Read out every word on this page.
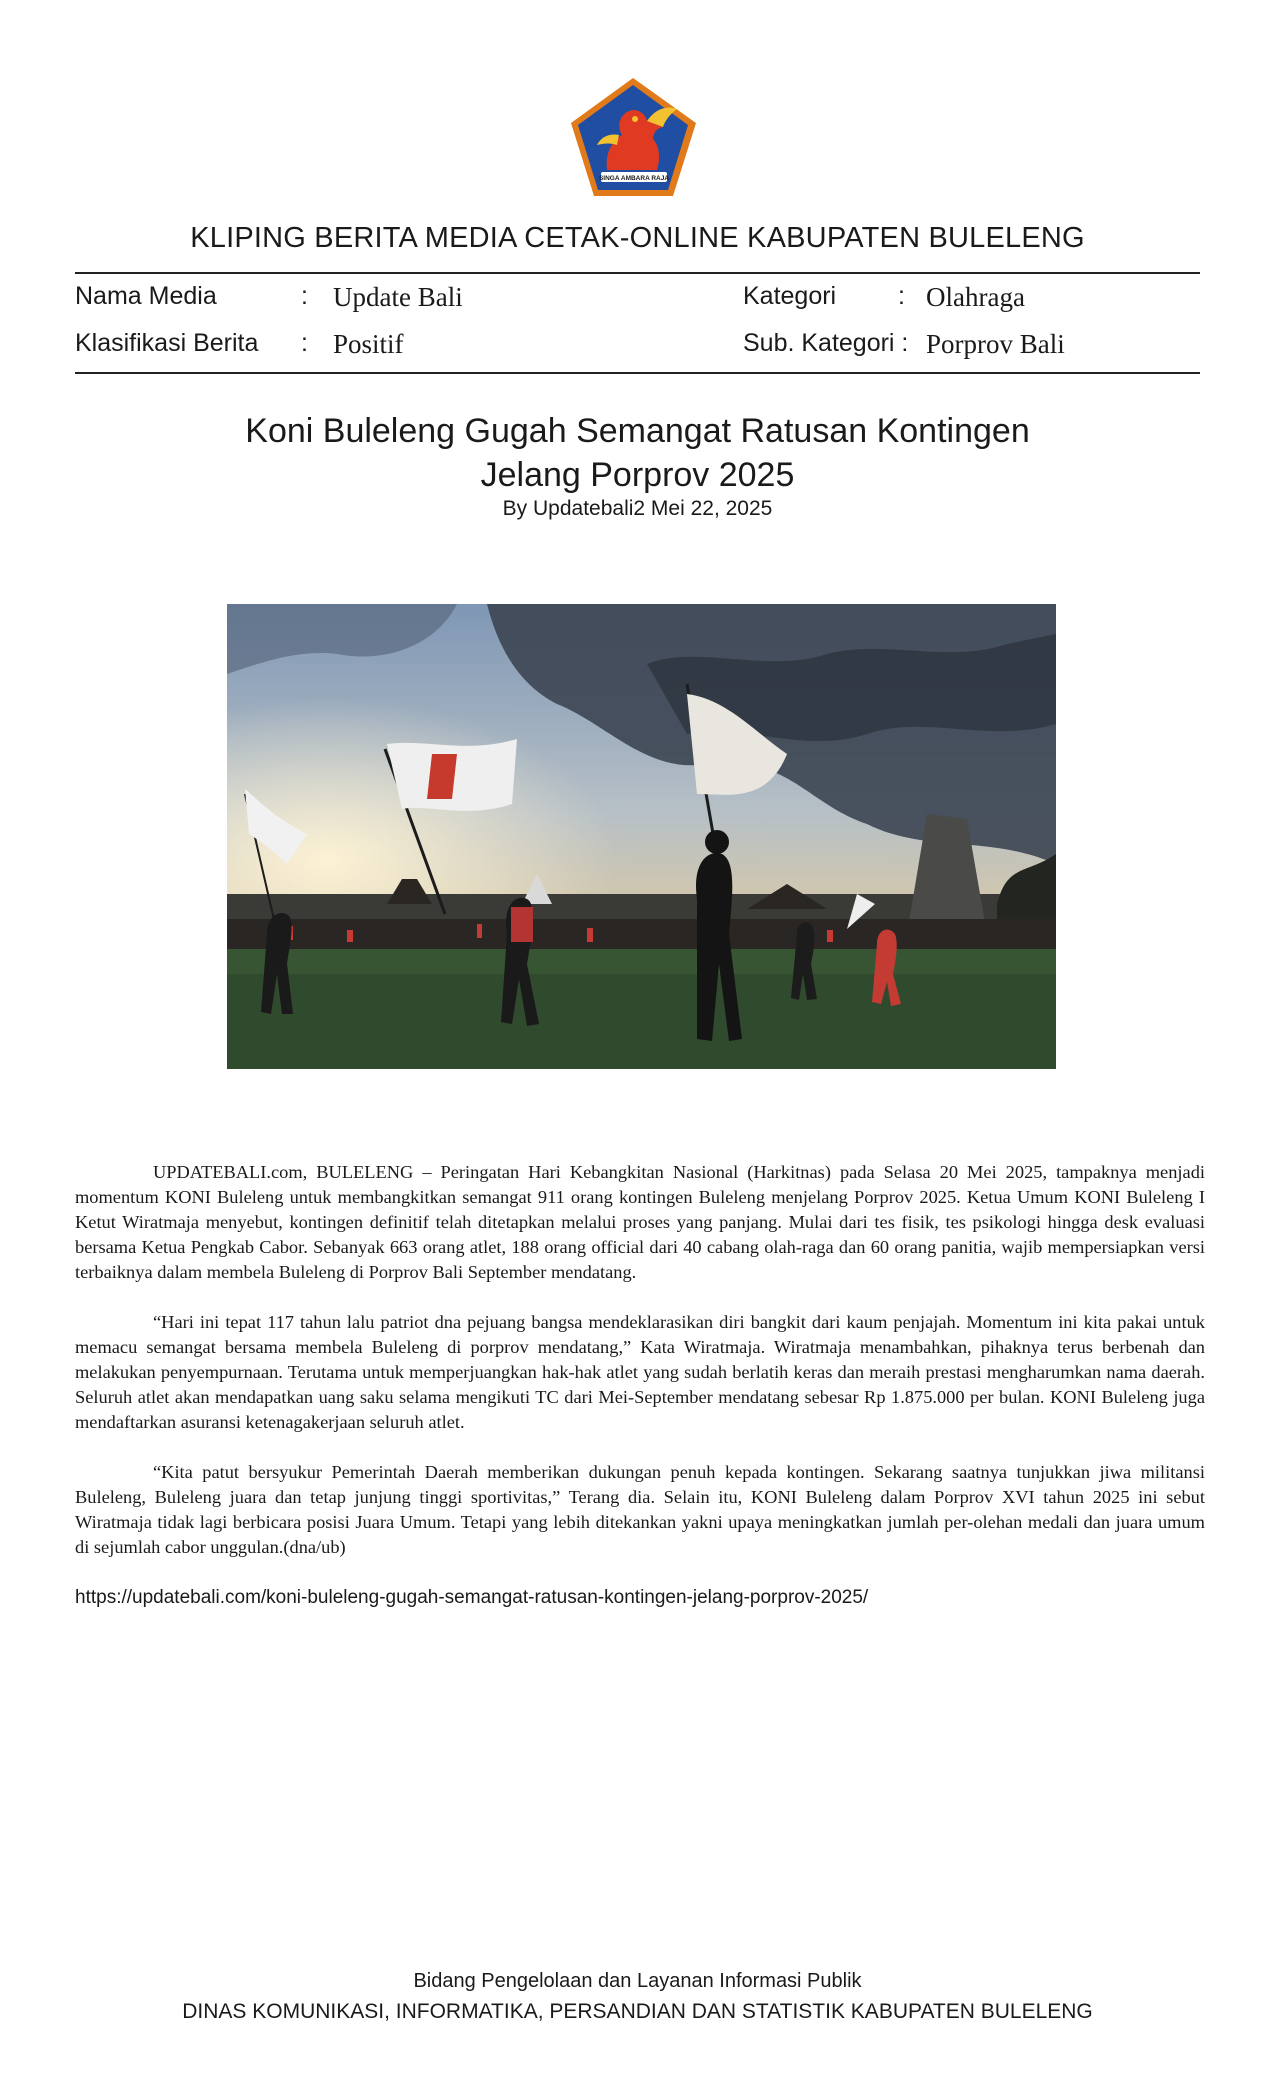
SINGA AMBARA RAJA
KLIPING BERITA MEDIA CETAK-ONLINE KABUPATEN BULELENG
Nama Media	: Update Bali
Klasifikasi Berita : Positif
Kategori : Olahraga
Sub. Kategori : Porprov Bali
Koni Buleleng Gugah Semangat Ratusan Kontingen
Jelang Porprov 2025
By Updatebali2 Mei 22, 2025

UPDATEBALI.com, BULELENG – Peringatan Hari Kebangkitan Nasional (Harkitnas) pada Selasa 20 Mei 2025, tampaknya menjadi momentum KONI Buleleng untuk membangkitkan semangat 911 orang kontingen Buleleng menjelang Porprov 2025. Ketua Umum KONI Buleleng I Ketut Wiratmaja menyebut, kontingen definitif telah ditetapkan melalui proses yang panjang. Mulai dari tes fisik, tes psikologi hingga desk evaluasi bersama Ketua Pengkab Cabor. Sebanyak 663 orang atlet, 188 orang official dari 40 cabang olah-raga dan 60 orang panitia, wajib mempersiapkan versi terbaiknya dalam membela Buleleng di Porprov Bali September mendatang.

“Hari ini tepat 117 tahun lalu patriot dna pejuang bangsa mendeklarasikan diri bangkit dari kaum penjajah. Momentum ini kita pakai untuk memacu semangat bersama membela Buleleng di porprov mendatang,” Kata Wiratmaja. Wiratmaja menambahkan, pihaknya terus berbenah dan melakukan penyempurnaan. Terutama untuk memperjuangkan hak-hak atlet yang sudah berlatih keras dan meraih prestasi mengharumkan nama daerah. Seluruh atlet akan mendapatkan uang saku selama mengikuti TC dari Mei-September mendatang sebesar Rp 1.875.000 per bulan. KONI Buleleng juga mendaftarkan asuransi ketenagakerjaan seluruh atlet.

“Kita patut bersyukur Pemerintah Daerah memberikan dukungan penuh kepada kontingen. Sekarang saatnya tunjukkan jiwa militansi Buleleng, Buleleng juara dan tetap junjung tinggi sportivitas,” Terang dia. Selain itu, KONI Buleleng dalam Porprov XVI tahun 2025 ini sebut Wiratmaja tidak lagi berbicara posisi Juara Umum. Tetapi yang lebih ditekankan yakni upaya meningkatkan jumlah per-olehan medali dan juara umum di sejumlah cabor unggulan.(dna/ub)

https://updatebali.com/koni-buleleng-gugah-semangat-ratusan-kontingen-jelang-porprov-2025/
Bidang Pengelolaan dan Layanan Informasi Publik
DINAS KOMUNIKASI, INFORMATIKA, PERSANDIAN DAN STATISTIK KABUPATEN BULELENG
